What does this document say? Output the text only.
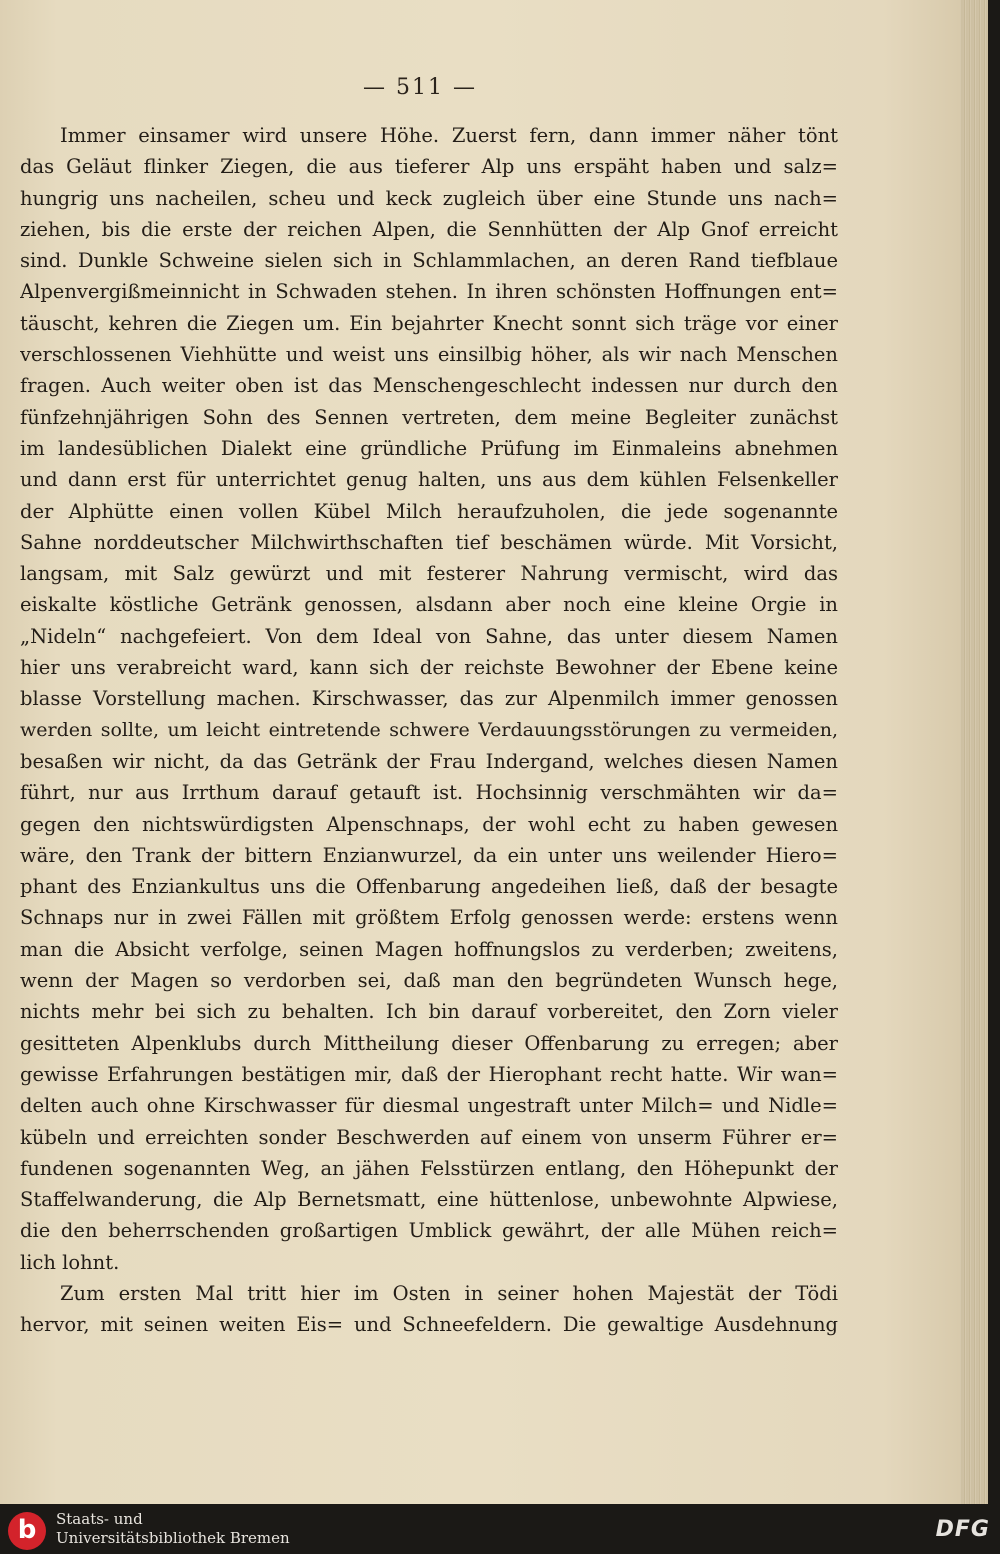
— 511 —
Immer einsamer wird unsere Höhe. Zuerst fern, dann immer näher tönt
das Geläut flinker Ziegen, die aus tieferer Alp uns erspäht haben und salz=
hungrig uns nacheilen, scheu und keck zugleich über eine Stunde uns nach=
ziehen, bis die erste der reichen Alpen, die Sennhütten der Alp Gnof erreicht
sind. Dunkle Schweine sielen sich in Schlammlachen, an deren Rand tiefblaue
Alpenvergißmeinnicht in Schwaden stehen. In ihren schönsten Hoffnungen ent=
täuscht, kehren die Ziegen um. Ein bejahrter Knecht sonnt sich träge vor einer
verschlossenen Viehhütte und weist uns einsilbig höher, als wir nach Menschen
fragen. Auch weiter oben ist das Menschengeschlecht indessen nur durch den
fünfzehnjährigen Sohn des Sennen vertreten, dem meine Begleiter zunächst
im landesüblichen Dialekt eine gründliche Prüfung im Einmaleins abnehmen
und dann erst für unterrichtet genug halten, uns aus dem kühlen Felsenkeller
der Alphütte einen vollen Kübel Milch heraufzuholen, die jede sogenannte
Sahne norddeutscher Milchwirthschaften tief beschämen würde. Mit Vorsicht,
langsam, mit Salz gewürzt und mit festerer Nahrung vermischt, wird das
eiskalte köstliche Getränk genossen, alsdann aber noch eine kleine Orgie in
„Nideln“ nachgefeiert. Von dem Ideal von Sahne, das unter diesem Namen
hier uns verabreicht ward, kann sich der reichste Bewohner der Ebene keine
blasse Vorstellung machen. Kirschwasser, das zur Alpenmilch immer genossen
werden sollte, um leicht eintretende schwere Verdauungsstörungen zu vermeiden,
besaßen wir nicht, da das Getränk der Frau Indergand, welches diesen Namen
führt, nur aus Irrthum darauf getauft ist. Hochsinnig verschmähten wir da=
gegen den nichtswürdigsten Alpenschnaps, der wohl echt zu haben gewesen
wäre, den Trank der bittern Enzianwurzel, da ein unter uns weilender Hiero=
phant des Enziankultus uns die Offenbarung angedeihen ließ, daß der besagte
Schnaps nur in zwei Fällen mit größtem Erfolg genossen werde: erstens wenn
man die Absicht verfolge, seinen Magen hoffnungslos zu verderben; zweitens,
wenn der Magen so verdorben sei, daß man den begründeten Wunsch hege,
nichts mehr bei sich zu behalten. Ich bin darauf vorbereitet, den Zorn vieler
gesitteten Alpenklubs durch Mittheilung dieser Offenbarung zu erregen; aber
gewisse Erfahrungen bestätigen mir, daß der Hierophant recht hatte. Wir wan=
delten auch ohne Kirschwasser für diesmal ungestraft unter Milch= und Nidle=
kübeln und erreichten sonder Beschwerden auf einem von unserm Führer er=
fundenen sogenannten Weg, an jähen Felsstürzen entlang, den Höhepunkt der
Staffelwanderung, die Alp Bernetsmatt, eine hüttenlose, unbewohnte Alpwiese,
die den beherrschenden großartigen Umblick gewährt, der alle Mühen reich=
lich lohnt.
Zum ersten Mal tritt hier im Osten in seiner hohen Majestät der Tödi
hervor, mit seinen weiten Eis= und Schneefeldern. Die gewaltige Ausdehnung
b	Staats- und
Universitätsbibliothek Bremen	DFG
